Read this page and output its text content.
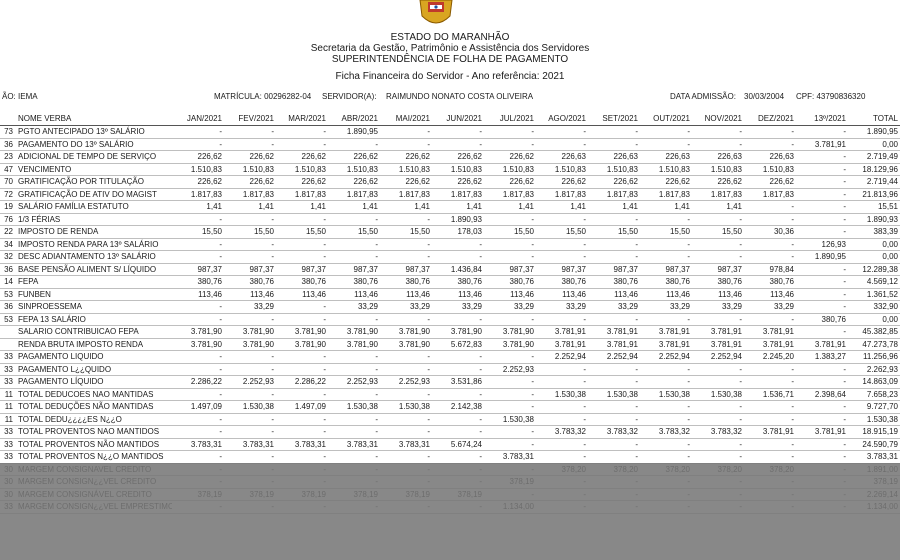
ESTADO DO MARANHÃO
Secretaria da Gestão, Patrimônio e Assistência dos Servidores
SUPERINTENDÊNCIA DE FOLHA DE PAGAMENTO
Ficha Financeira do Servidor - Ano referência: 2021
ÃO: IEMA	MATRÍCULA: 00296282-04 SERVIDOR(A): RAIMUNDO NONATO COSTA OLIVEIRA	DATA ADMISSÃO: 30/03/2004 CPF: 43790836320
	NOME VERBA	JAN/2021	FEV/2021	MAR/2021	ABR/2021	MAI/2021	JUN/2021	JUL/2021	AGO/2021	SET/2021	OUT/2021	NOV/2021	DEZ/2021	13º/2021	TOTAL
73	PGTO ANTECIPADO 13º SALÁRIO	-	-	-	1.890,95	-	-	-	-	-	-	-	-	-	1.890,95
36	PAGAMENTO DO 13º SALÁRIO	-	-	-	-	-	-	-	-	-	-	-	-	3.781,91	0,00
23	ADICIONAL DE TEMPO DE SERVIÇO	226,62	226,62	226,62	226,62	226,62	226,62	226,62	226,63	226,63	226,63	226,63	226,63	-	2.719,49
47	VENCIMENTO	1.510,83	1.510,83	1.510,83	1.510,83	1.510,83	1.510,83	1.510,83	1.510,83	1.510,83	1.510,83	1.510,83	1.510,83	-	18.129,96
70	GRATIFICAÇÃO POR TITULAÇÃO	226,62	226,62	226,62	226,62	226,62	226,62	226,62	226,62	226,62	226,62	226,62	226,62	-	2.719,44
72	GRATIFICAÇÃO DE ATIV DO MAGIST	1.817,83	1.817,83	1.817,83	1.817,83	1.817,83	1.817,83	1.817,83	1.817,83	1.817,83	1.817,83	1.817,83	1.817,83	-	21.813,96
19	SALÁRIO FAMÍLIA ESTATUTO	1,41	1,41	1,41	1,41	1,41	1,41	1,41	1,41	1,41	1,41	1,41	-	-	15,51
76	1/3 FÉRIAS	-	-	-	-	-	1.890,93	-	-	-	-	-	-	-	1.890,93
22	IMPOSTO DE RENDA	15,50	15,50	15,50	15,50	15,50	178,03	15,50	15,50	15,50	15,50	15,50	30,36	-	383,39
34	IMPOSTO RENDA PARA 13º SALÁRIO	-	-	-	-	-	-	-	-	-	-	-	-	126,93	0,00
32	DESC ADIANTAMENTO 13º SALÁRIO	-	-	-	-	-	-	-	-	-	-	-	-	1.890,95	0,00
36	BASE PENSÃO ALIMENT S/ LÍQUIDO	987,37	987,37	987,37	987,37	987,37	1.436,84	987,37	987,37	987,37	987,37	987,37	978,84	-	12.289,38
14	FEPA	380,76	380,76	380,76	380,76	380,76	380,76	380,76	380,76	380,76	380,76	380,76	380,76	-	4.569,12
53	FUNBEN	113,46	113,46	113,46	113,46	113,46	113,46	113,46	113,46	113,46	113,46	113,46	113,46	-	1.361,52
36	SINPROESSEMA	-	33,29	-	33,29	33,29	33,29	33,29	33,29	33,29	33,29	33,29	33,29	-	332,90
53	FEPA 13 SALÁRIO	-	-	-	-	-	-	-	-	-	-	-	-	380,76	0,00
	SALARIO CONTRIBUICAO FEPA	3.781,90	3.781,90	3.781,90	3.781,90	3.781,90	3.781,90	3.781,90	3.781,91	3.781,91	3.781,91	3.781,91	3.781,91	-	45.382,85
	RENDA BRUTA IMPOSTO RENDA	3.781,90	3.781,90	3.781,90	3.781,90	3.781,90	5.672,83	3.781,90	3.781,91	3.781,91	3.781,91	3.781,91	3.781,91	3.781,91	47.273,78
33	PAGAMENTO LIQUIDO	-	-	-	-	-	-	-	2.252,94	2.252,94	2.252,94	2.252,94	2.245,20	1.383,27	11.256,96
33	PAGAMENTO L¿¿QUIDO	-	-	-	-	-	-	2.252,93	-	-	-	-	-	-	2.262,93
33	PAGAMENTO LÍQUIDO	2.286,22	2.252,93	2.286,22	2.252,93	2.252,93	3.531,86	-	-	-	-	-	-	-	14.863,09
11	TOTAL DEDUCOES NAO MANTIDAS	-	-	-	-	-	-	-	1.530,38	1.530,38	1.530,38	1.530,38	1.536,71	2.398,64	7.658,23
11	TOTAL DEDUÇÕES NÃO MANTIDAS	1.497,09	1.530,38	1.497,09	1.530,38	1.530,38	2.142,38	-	-	-	-	-	-	-	9.727,70
11	TOTAL DEDU¿¿¿¿ES N¿¿O	-	-	-	-	-	-	1.530,38	-	-	-	-	-	-	1.530,38
33	TOTAL PROVENTOS NAO MANTIDOS	-	-	-	-	-	-	-	3.783,32	3.783,32	3.783,32	3.783,32	3.781,91	3.781,91	18.915,19
33	TOTAL PROVENTOS NÃO MANTIDOS	3.783,31	3.783,31	3.783,31	3.783,31	3.783,31	5.674,24	-	-	-	-	-	-	-	24.590,79
33	TOTAL PROVENTOS N¿¿O MANTIDOS	-	-	-	-	-	-	3.783,31	-	-	-	-	-	-	3.783,31
